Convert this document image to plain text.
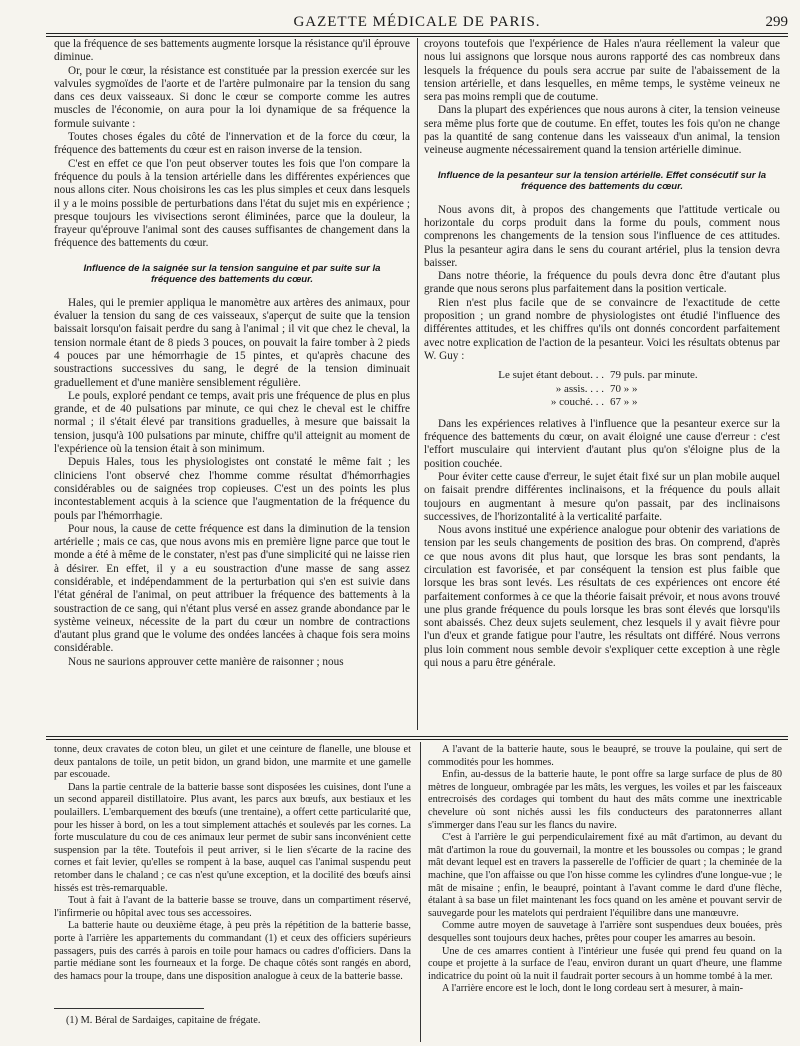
GAZETTE MÉDICALE DE PARIS.	299

que la fréquence de ses battements augmente lorsque la résistance qu'il éprouve diminue.

Or, pour le cœur, la résistance est constituée par la pression exercée sur les valvules sygmoïdes de l'aorte et de l'artère pulmonaire par la tension du sang dans ces deux vaisseaux. Si donc le cœur se comporte comme les autres muscles de l'économie, on aura pour la loi dynamique de sa fréquence la formule suivante :

Toutes choses égales du côté de l'innervation et de la force du cœur, la fréquence des battements du cœur est en raison inverse de la tension.

C'est en effet ce que l'on peut observer toutes les fois que l'on compare la fréquence du pouls à la tension artérielle dans les différentes expériences que nous allons citer. Nous choisirons les cas les plus simples et ceux dans lesquels il y a le moins possible de perturbations dans l'état du sujet mis en expérience ; presque toujours les vivisections seront éliminées, parce que la douleur, la frayeur qu'éprouve l'animal sont des causes suffisantes de changement dans la fréquence des battements du cœur.

Influence de la saignée sur la tension sanguine et par suite sur la fréquence des battements du cœur.

Hales, qui le premier appliqua le manomètre aux artères des animaux, pour évaluer la tension du sang de ces vaisseaux, s'aperçut de suite que la tension baissait lorsqu'on faisait perdre du sang à l'animal ; il vit que chez le cheval, la tension normale étant de 8 pieds 3 pouces, on pouvait la faire tomber à 2 pieds 4 pouces par une hémorrhagie de 15 pintes, et qu'après chacune des soustractions successives du sang, le degré de la tension diminuait graduellement et d'une manière sensiblement régulière.

Le pouls, exploré pendant ce temps, avait pris une fréquence de plus en plus grande, et de 40 pulsations par minute, ce qui chez le cheval est le chiffre normal ; il s'était élevé par transitions graduelles, à mesure que baissait la tension, jusqu'à 100 pulsations par minute, chiffre qu'il atteignit au moment de l'expérience où la tension était à son minimum.

Depuis Hales, tous les physiologistes ont constaté le même fait ; les cliniciens l'ont observé chez l'homme comme résultat d'hémorrhagies considérables ou de saignées trop copieuses. C'est un des points les plus incontestablement acquis à la science que l'augmentation de la fréquence du pouls par l'hémorrhagie.

Pour nous, la cause de cette fréquence est dans la diminution de la tension artérielle ; mais ce cas, que nous avons mis en première ligne parce que tout le monde a été à même de le constater, n'est pas d'une simplicité qui ne laisse rien à désirer. En effet, il y a eu soustraction d'une masse de sang assez considérable, et indépendamment de la perturbation qui s'en est suivie dans l'état général de l'animal, on peut attribuer la fréquence des battements à la soustraction de ce sang, qui n'étant plus versé en assez grande abondance par le système veineux, nécessite de la part du cœur un nombre de contractions d'autant plus grand que le volume des ondées lancées à chaque fois sera moins considérable.

Nous ne saurions approuver cette manière de raisonner ; nous

croyons toutefois que l'expérience de Hales n'aura réellement la valeur que nous lui assignons que lorsque nous aurons rapporté des cas nombreux dans lesquels la fréquence du pouls sera accrue par suite de l'abaissement de la tension artérielle, et dans lesquelles, en même temps, le système veineux ne sera pas moins rempli que de coutume.

Dans la plupart des expériences que nous aurons à citer, la tension veineuse sera même plus forte que de coutume. En effet, toutes les fois qu'on ne change pas la quantité de sang contenue dans les vaisseaux d'un animal, la tension veineuse augmente nécessairement quand la tension artérielle diminue.

Influence de la pesanteur sur la tension artérielle. Effet consécutif sur la fréquence des battements du cœur.

Nous avons dit, à propos des changements que l'attitude verticale ou horizontale du corps produit dans la forme du pouls, comment nous comprenons les changements de la tension sous l'influence de ces attitudes. Plus la pesanteur agira dans le sens du courant artériel, plus la tension devra baisser.

Dans notre théorie, la fréquence du pouls devra donc être d'autant plus grande que nous serons plus parfaitement dans la position verticale.

Rien n'est plus facile que de se convaincre de l'exactitude de cette proposition ; un grand nombre de physiologistes ont étudié l'influence des différentes attitudes, et les chiffres qu'ils ont donnés concordent parfaitement avec notre explication de l'action de la pesanteur. Voici les résultats obtenus par W. Guy :

Le sujet étant debout. . . 79 puls. par minute.
» assis. . . . 70 » »
» couché. . . 67 » »

Dans les expériences relatives à l'influence que la pesanteur exerce sur la fréquence des battements du cœur, on avait éloigné une cause d'erreur : c'est l'effort musculaire qui intervient d'autant plus qu'on s'éloigne plus de la position couchée.

Pour éviter cette cause d'erreur, le sujet était fixé sur un plan mobile auquel on faisait prendre différentes inclinaisons, et la fréquence du pouls allait toujours en augmentant à mesure qu'on passait, par des inclinaisons successives, de l'horizontalité à la verticalité parfaite.

Nous avons institué une expérience analogue pour obtenir des variations de tension par les seuls changements de position des bras. On comprend, d'après ce que nous avons dit plus haut, que lorsque les bras sont pendants, la circulation est favorisée, et par conséquent la tension est plus faible que lorsque les bras sont levés. Les résultats de ces expériences ont encore été parfaitement conformes à ce que la théorie faisait prévoir, et nous avons trouvé une plus grande fréquence du pouls lorsque les bras sont élevés que lorsqu'ils sont abaissés. Chez deux sujets seulement, chez lesquels il y avait fièvre pour l'un d'eux et grande fatigue pour l'autre, les résultats ont différé. Nous verrons plus loin comment nous semble devoir s'expliquer cette exception à une règle qui nous a paru être générale.

tonne, deux cravates de coton bleu, un gilet et une ceinture de flanelle, une blouse et deux pantalons de toile, un petit bidon, un grand bidon, une marmite et une gamelle par escouade.

Dans la partie centrale de la batterie basse sont disposées les cuisines, dont l'une a un second appareil distillatoire. Plus avant, les parcs aux bœufs, aux bestiaux et les poulaillers. L'embarquement des bœufs (une trentaine), a offert cette particularité que, pour les hisser à bord, on les a tout simplement attachés et soulevés par les cornes. La forte musculature du cou de ces animaux leur permet de subir sans inconvénient cette suspension par la tête. Toutefois il peut arriver, si le lien s'écarte de la racine des cornes et fait levier, qu'elles se rompent à la base, auquel cas l'animal suspendu peut retomber dans le chaland ; ce cas n'est qu'une exception, et la docilité des bœufs ainsi hissés est très-remarquable.

Tout à fait à l'avant de la batterie basse se trouve, dans un compartiment réservé, l'infirmerie ou hôpital avec tous ses accessoires.

La batterie haute ou deuxième étage, à peu près la répétition de la batterie basse, porte à l'arrière les appartements du commandant (1) et ceux des officiers supérieurs passagers, puis des carrés à parois en toile pour hamacs ou cadres d'officiers. Dans la partie médiane sont les fourneaux et la forge. De chaque côtés sont rangés en abord, des hamacs pour la troupe, dans une disposition analogue à ceux de la batterie basse.

A l'avant de la batterie haute, sous le beaupré, se trouve la poulaine, qui sert de commodités pour les hommes.

Enfin, au-dessus de la batterie haute, le pont offre sa large surface de plus de 80 mètres de longueur, ombragée par les mâts, les vergues, les voiles et par les faisceaux entrecroisés des cordages qui tombent du haut des mâts comme une inextricable chevelure où sont nichés aussi les fils conducteurs des paratonnerres allant s'immerger dans l'eau sur les flancs du navire.

C'est à l'arrière le gui perpendiculairement fixé au mât d'artimon, au devant du mât d'artimon la roue du gouvernail, la montre et les boussoles ou compas ; le grand mât devant lequel est en travers la passerelle de l'officier de quart ; la cheminée de la machine, que l'on affaisse ou que l'on hisse comme les cylindres d'une longue-vue ; le mât de misaine ; enfin, le beaupré, pointant à l'avant comme le dard d'une flèche, étalant à sa base un filet maintenant les focs quand on les amène et pouvant servir de sauvegarde pour les matelots qui perdraient l'équilibre dans une manœuvre.

Comme autre moyen de sauvetage à l'arrière sont suspendues deux bouées, près desquelles sont toujours deux haches, prêtes pour couper les amarres au besoin.

Une de ces amarres contient à l'intérieur une fusée qui prend feu quand on la coupe et projette à la surface de l'eau, environ durant un quart d'heure, une flamme indicatrice du point où la nuit il faudrait porter secours à un homme tombé à la mer.

A l'arrière encore est le loch, dont le long cordeau sert à mesurer, à main-

(1) M. Béral de Sardaiges, capitaine de frégate.
